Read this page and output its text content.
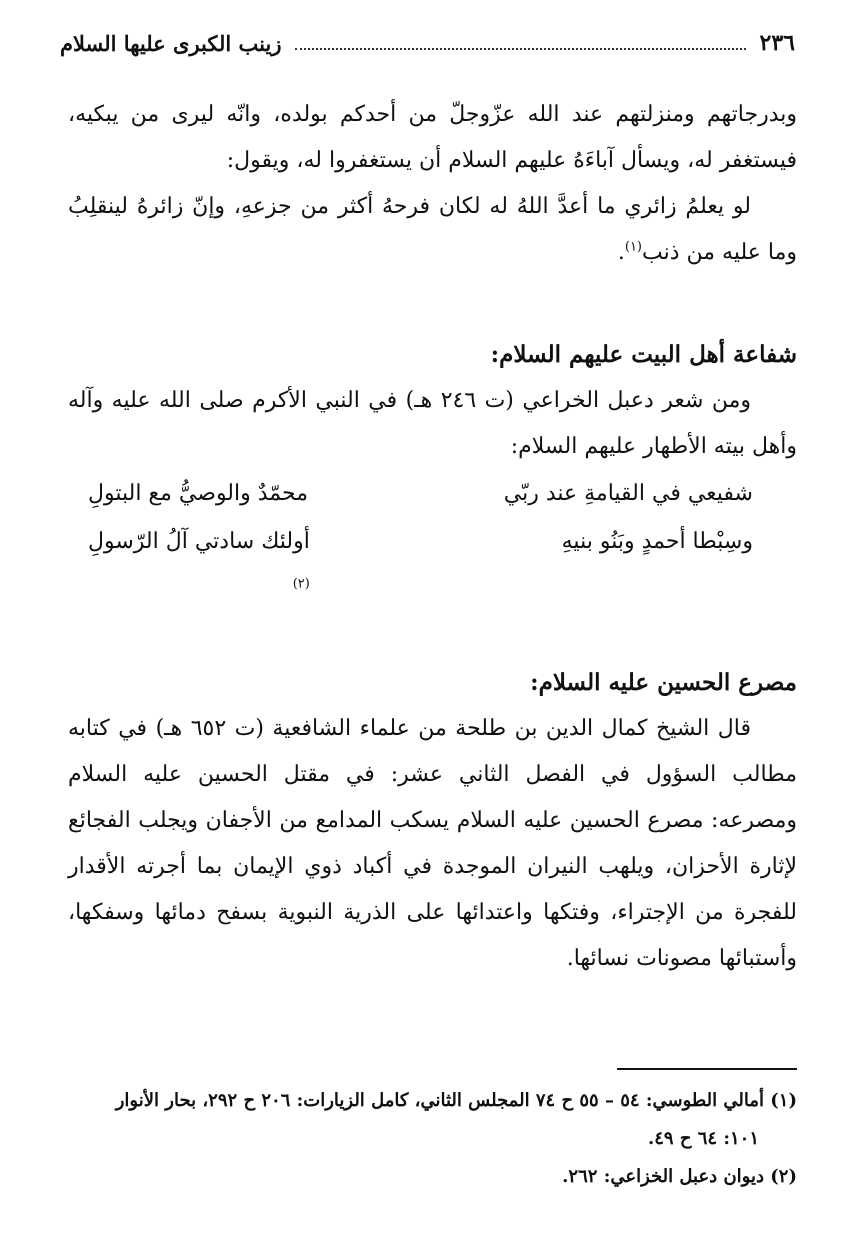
٢٣٦
زينب الكبرى عليها السلام

وبدرجاتهم ومنزلتهم عند الله عزّوجلّ من أحدكم بولده، وانّه ليرى من يبكيه، فيستغفر له، ويسأل آباءَهُ عليهم السلام أن يستغفروا له، ويقول:

لو يعلمُ زائري ما أعدَّ اللهُ له لكان فرحهُ أكثر من جزعهِ، وإنّ زائرهُ لينقلِبُ وما عليه من ذنب$^{(١)}$.

شفاعة أهل البيت عليهم السلام:

ومن شعر دعبل الخراعي (ت ٢٤٦ هـ) في النبي الأكرم صلى الله عليه وآله وأهل بيته الأطهار عليهم السلام:

شفيعي في القيامةِ عند ربّي
محمّدٌ والوصيُّ مع البتولِ
وسِبْطا أحمدٍ وبَنُو بنيهِ
أولئك سادتي آلُ الرّسولِ
$^{(٢)}$

مصرع الحسين عليه السلام:

قال الشيخ كمال الدين بن طلحة من علماء الشافعية (ت ٦٥٢ هـ) في كتابه مطالب السؤول في الفصل الثاني عشر: في مقتل الحسين عليه السلام ومصرعه: مصرع الحسين عليه السلام يسكب المدامع من الأجفان ويجلب الفجائع لإثارة الأحزان، ويلهب النيران الموجدة في أكباد ذوي الإيمان بما أجرته الأقدار للفجرة من الإجتراء، وفتكها واعتدائها على الذرية النبوية بسفح دمائها وسفكها، وأستبائها مصونات نسائها.

(١) أمالي الطوسي: ٥٤ – ٥٥ ح ٧٤ المجلس الثاني، كامل الزيارات: ٢٠٦ ح ٢٩٢، بحار الأنوار

١٠١: ٦٤ ح ٤٩.

(٢) ديوان دعبل الخزاعي: ٢٦٢.
